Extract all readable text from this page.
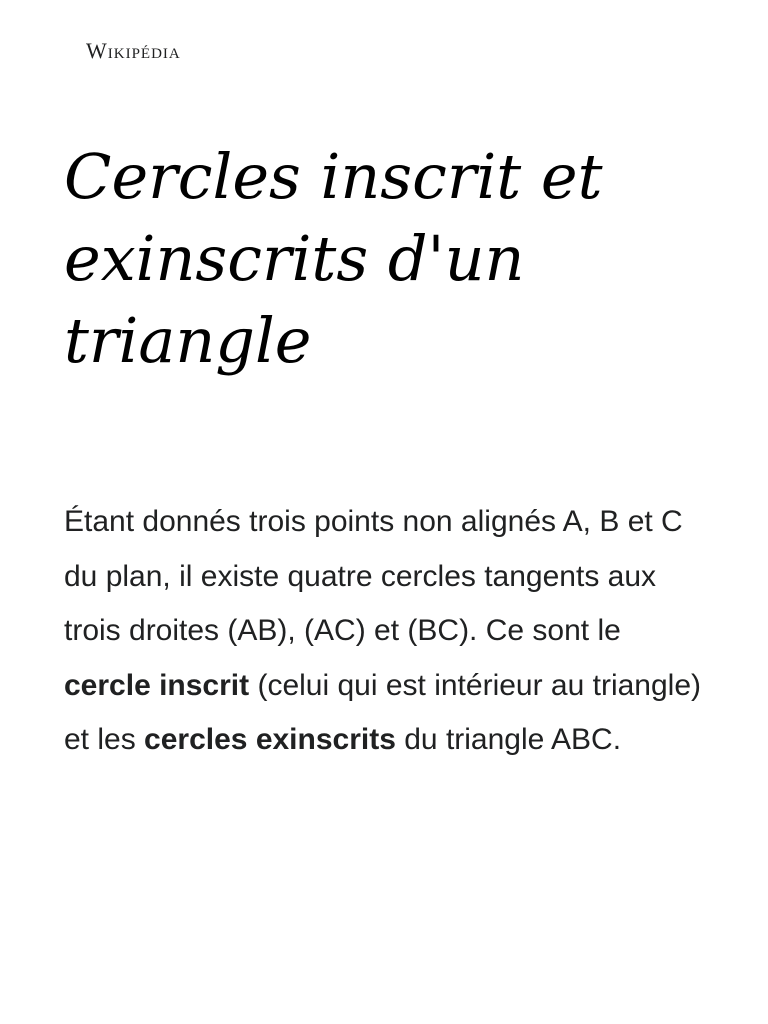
Wikipédia
Cercles inscrit et exinscrits d'un triangle

Étant donnés trois points non alignés A, B et C du plan, il existe quatre cercles tangents aux trois droites (AB), (AC) et (BC). Ce sont le cercle inscrit (celui qui est intérieur au triangle) et les cercles exinscrits du triangle ABC.
